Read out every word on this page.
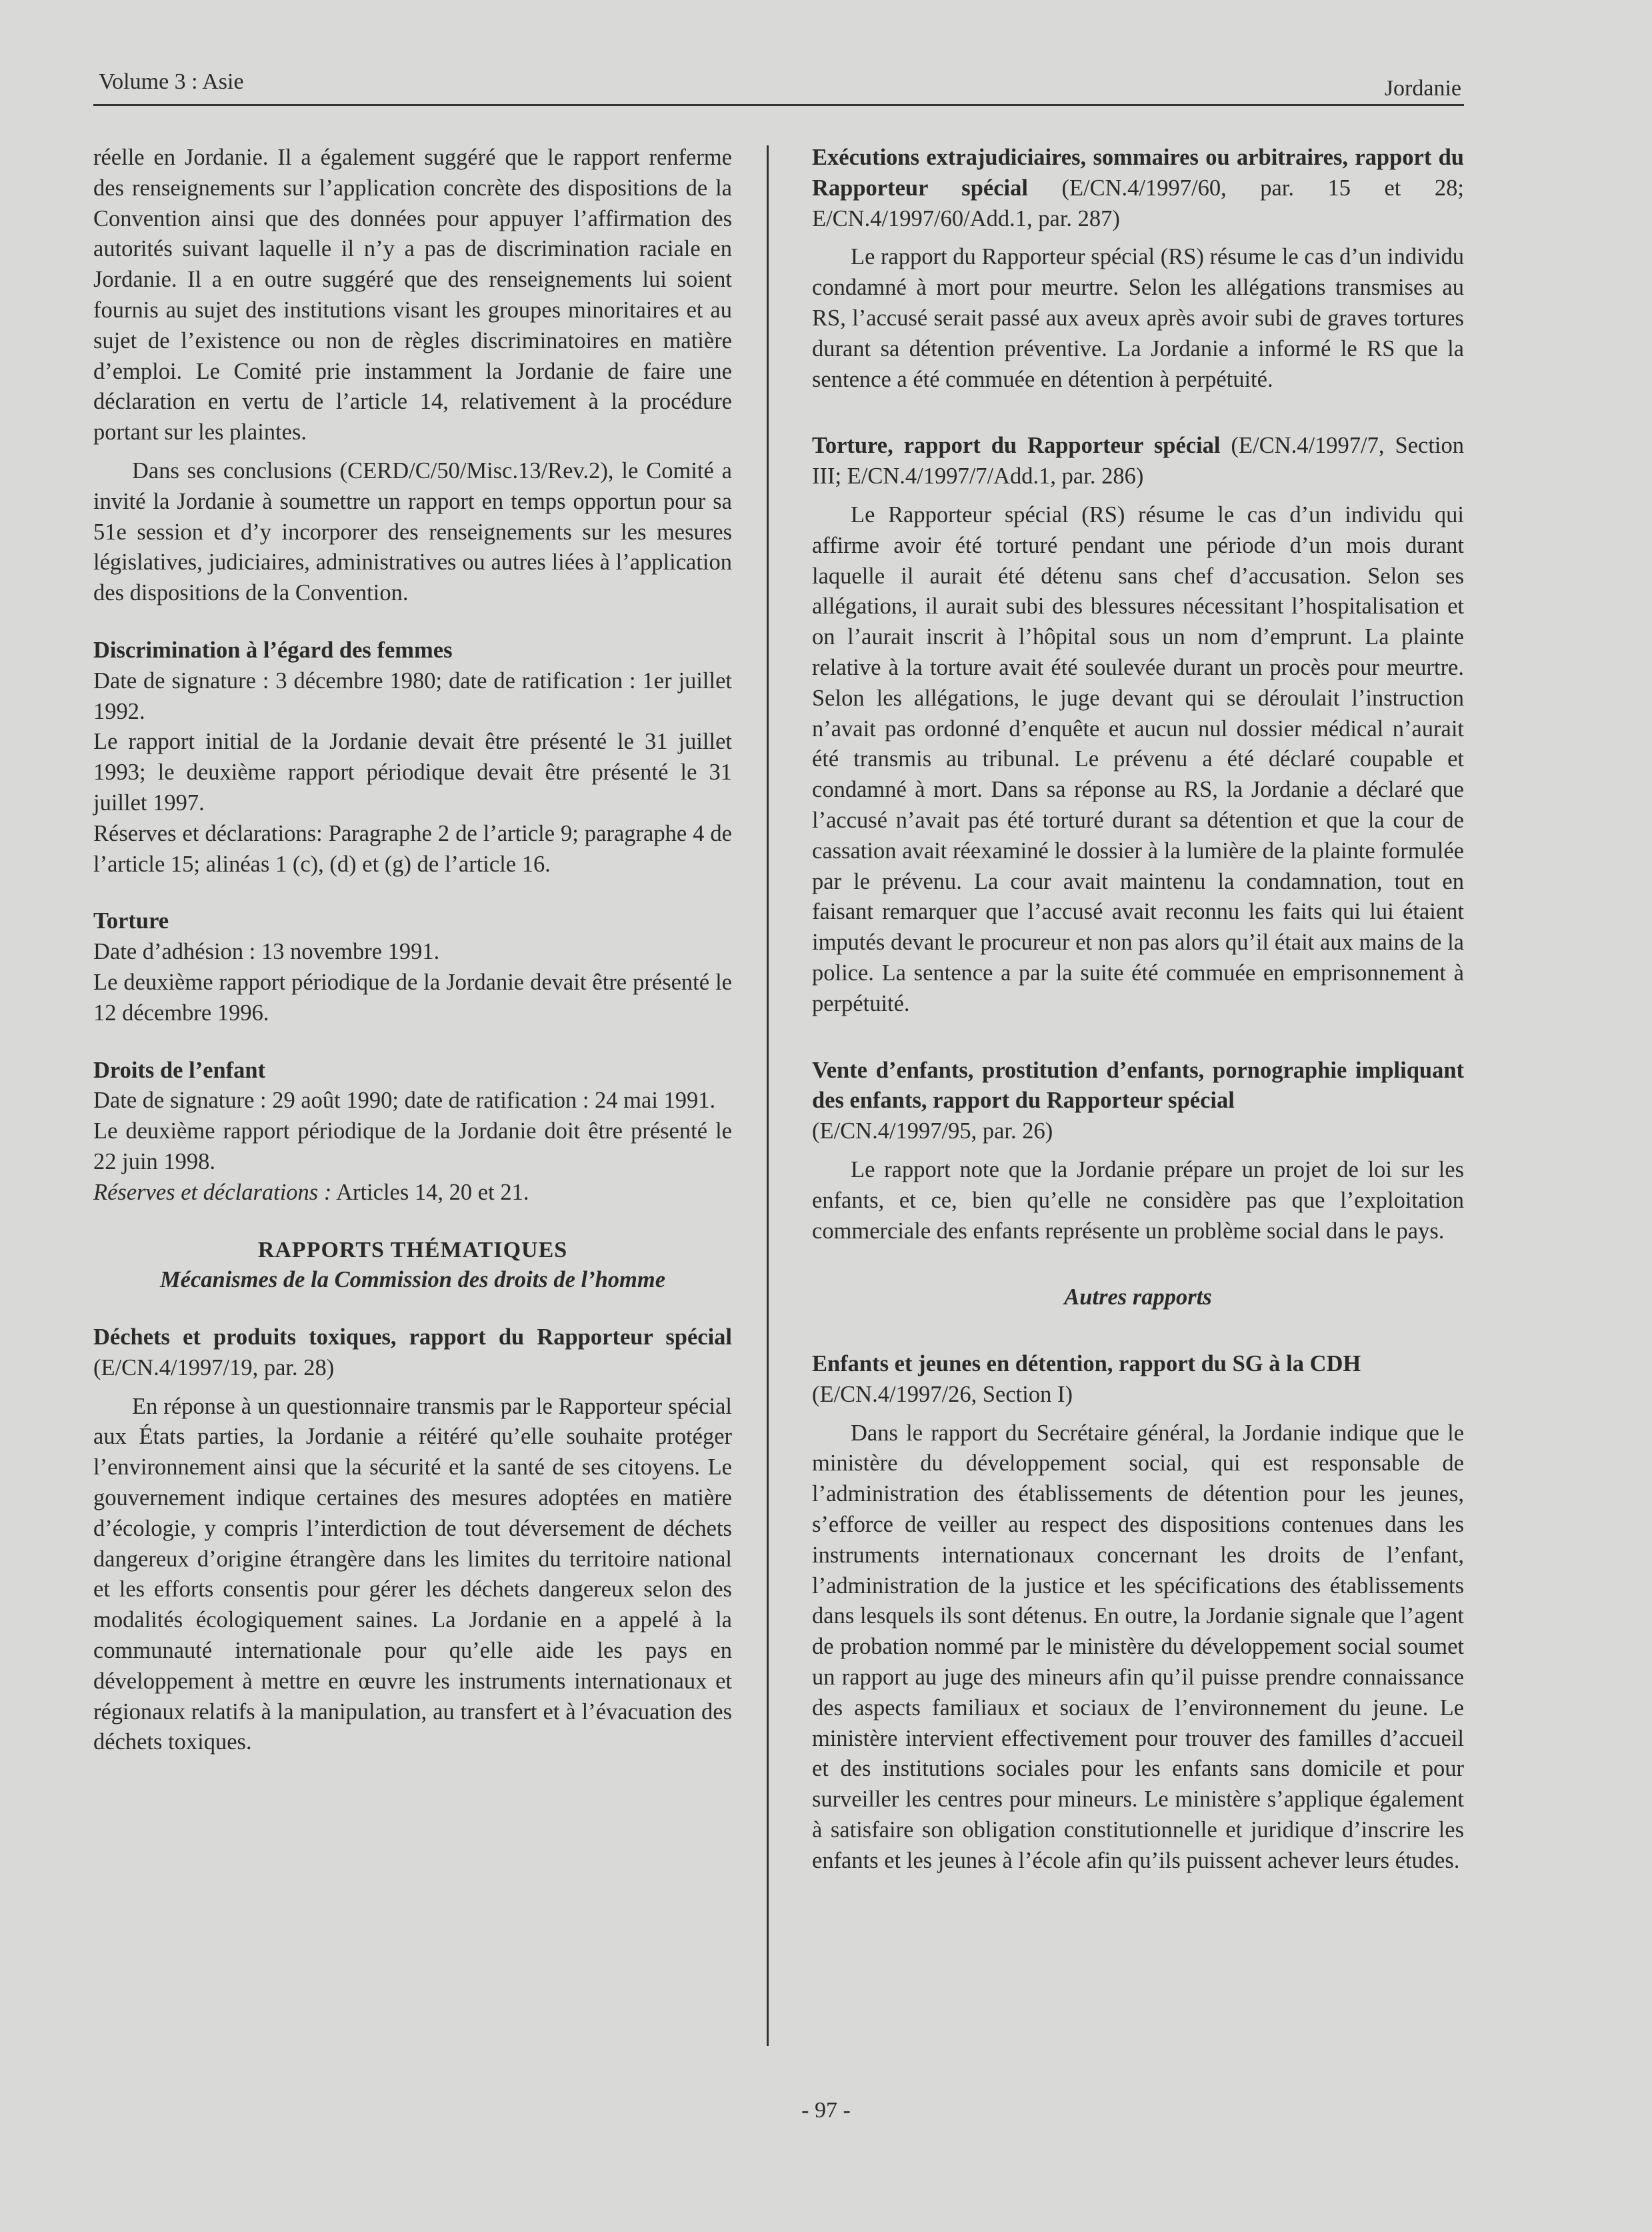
Volume 3 : Asie	Jordanie

réelle en Jordanie. Il a également suggéré que le rapport renferme des renseignements sur l’application concrète des dispositions de la Convention ainsi que des données pour appuyer l’affirmation des autorités suivant laquelle il n’y a pas de discrimination raciale en Jordanie. Il a en outre suggéré que des renseignements lui soient fournis au sujet des institutions visant les groupes minoritaires et au sujet de l’existence ou non de règles discriminatoires en matière d’emploi. Le Comité prie instamment la Jordanie de faire une déclaration en vertu de l’article 14, relativement à la procédure portant sur les plaintes.

Dans ses conclusions (CERD/C/50/Misc.13/Rev.2), le Comité a invité la Jordanie à soumettre un rapport en temps opportun pour sa 51e session et d’y incorporer des renseignements sur les mesures législatives, judiciaires, administratives ou autres liées à l’application des dispositions de la Convention.

Discrimination à l’égard des femmes

Date de signature : 3 décembre 1980; date de ratification : 1er juillet 1992.

Le rapport initial de la Jordanie devait être présenté le 31 juillet 1993; le deuxième rapport périodique devait être présenté le 31 juillet 1997.

Réserves et déclarations: Paragraphe 2 de l’article 9; paragraphe 4 de l’article 15; alinéas 1 (c), (d) et (g) de l’article 16.

Torture

Date d’adhésion : 13 novembre 1991.

Le deuxième rapport périodique de la Jordanie devait être présenté le 12 décembre 1996.

Droits de l’enfant

Date de signature : 29 août 1990; date de ratification : 24 mai 1991.

Le deuxième rapport périodique de la Jordanie doit être présenté le 22 juin 1998.

Réserves et déclarations : Articles 14, 20 et 21.

RAPPORTS THÉMATIQUES

Mécanismes de la Commission des droits de l’homme

Déchets et produits toxiques, rapport du Rapporteur spécial (E/CN.4/1997/19, par. 28)

En réponse à un questionnaire transmis par le Rapporteur spécial aux États parties, la Jordanie a réitéré qu’elle souhaite protéger l’environnement ainsi que la sécurité et la santé de ses citoyens. Le gouvernement indique certaines des mesures adoptées en matière d’écologie, y compris l’interdiction de tout déversement de déchets dangereux d’origine étrangère dans les limites du territoire national et les efforts consentis pour gérer les déchets dangereux selon des modalités écologiquement saines. La Jordanie en a appelé à la communauté internationale pour qu’elle aide les pays en développement à mettre en œuvre les instruments internationaux et régionaux relatifs à la manipulation, au transfert et à l’évacuation des déchets toxiques.

Exécutions extrajudiciaires, sommaires ou arbitraires, rapport du Rapporteur spécial (E/CN.4/1997/60, par. 15 et 28; E/CN.4/1997/60/Add.1, par. 287)

Le rapport du Rapporteur spécial (RS) résume le cas d’un individu condamné à mort pour meurtre. Selon les allégations transmises au RS, l’accusé serait passé aux aveux après avoir subi de graves tortures durant sa détention préventive. La Jordanie a informé le RS que la sentence a été commuée en détention à perpétuité.

Torture, rapport du Rapporteur spécial (E/CN.4/1997/7, Section III; E/CN.4/1997/7/Add.1, par. 286)

Le Rapporteur spécial (RS) résume le cas d’un individu qui affirme avoir été torturé pendant une période d’un mois durant laquelle il aurait été détenu sans chef d’accusation. Selon ses allégations, il aurait subi des blessures nécessitant l’hospitalisation et on l’aurait inscrit à l’hôpital sous un nom d’emprunt. La plainte relative à la torture avait été soulevée durant un procès pour meurtre. Selon les allégations, le juge devant qui se déroulait l’instruction n’avait pas ordonné d’enquête et aucun nul dossier médical n’aurait été transmis au tribunal. Le prévenu a été déclaré coupable et condamné à mort. Dans sa réponse au RS, la Jordanie a déclaré que l’accusé n’avait pas été torturé durant sa détention et que la cour de cassation avait réexaminé le dossier à la lumière de la plainte formulée par le prévenu. La cour avait maintenu la condamnation, tout en faisant remarquer que l’accusé avait reconnu les faits qui lui étaient imputés devant le procureur et non pas alors qu’il était aux mains de la police. La sentence a par la suite été commuée en emprisonnement à perpétuité.

Vente d’enfants, prostitution d’enfants, pornographie impliquant des enfants, rapport du Rapporteur spécial

(E/CN.4/1997/95, par. 26)

Le rapport note que la Jordanie prépare un projet de loi sur les enfants, et ce, bien qu’elle ne considère pas que l’exploitation commerciale des enfants représente un problème social dans le pays.

Autres rapports

Enfants et jeunes en détention, rapport du SG à la CDH

(E/CN.4/1997/26, Section I)

Dans le rapport du Secrétaire général, la Jordanie indique que le ministère du développement social, qui est responsable de l’administration des établissements de détention pour les jeunes, s’efforce de veiller au respect des dispositions contenues dans les instruments internationaux concernant les droits de l’enfant, l’administration de la justice et les spécifications des établissements dans lesquels ils sont détenus. En outre, la Jordanie signale que l’agent de probation nommé par le ministère du développement social soumet un rapport au juge des mineurs afin qu’il puisse prendre connaissance des aspects familiaux et sociaux de l’environnement du jeune. Le ministère intervient effectivement pour trouver des familles d’accueil et des institutions sociales pour les enfants sans domicile et pour surveiller les centres pour mineurs. Le ministère s’applique également à satisfaire son obligation constitutionnelle et juridique d’inscrire les enfants et les jeunes à l’école afin qu’ils puissent achever leurs études.

- 97 -
